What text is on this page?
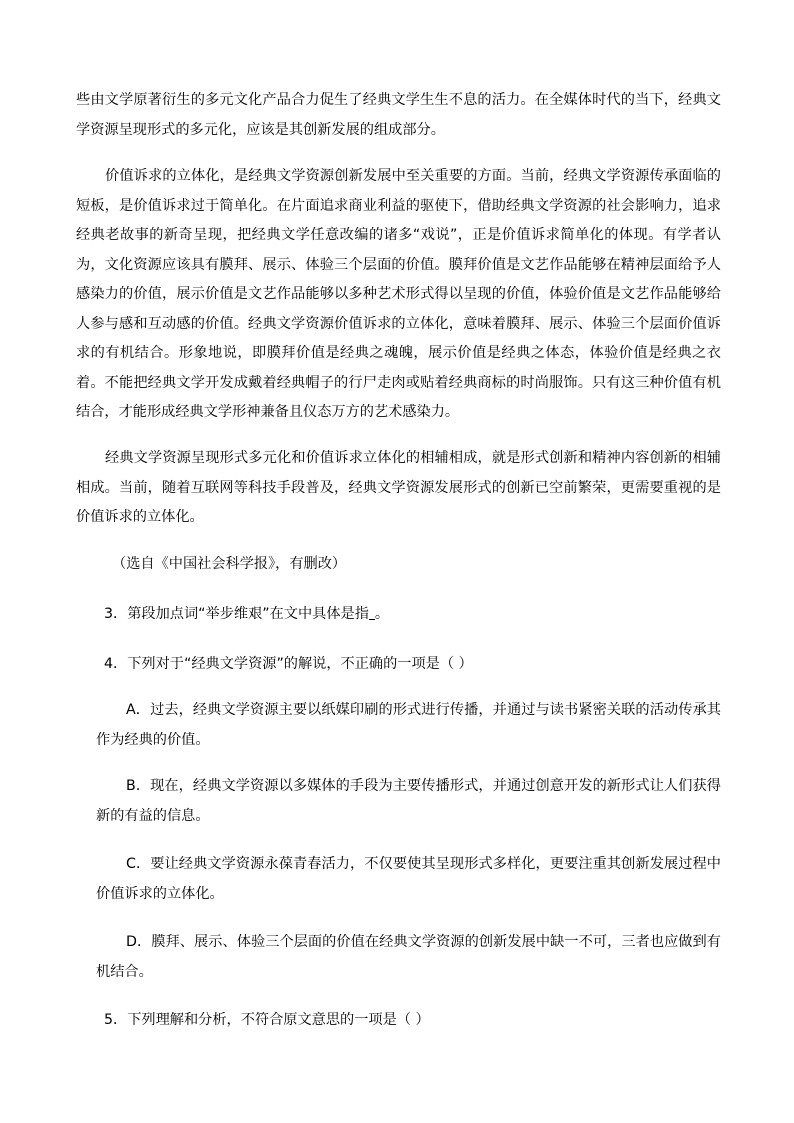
些由文学原著衍生的多元文化产品合力促生了经典文学生生不息的活力。在全媒体时代的当下，经典文学资源呈现形式的多元化，应该是其创新发展的组成部分。

价值诉求的立体化，是经典文学资源创新发展中至关重要的方面。当前，经典文学资源传承面临的短板，是价值诉求过于简单化。在片面追求商业利益的驱使下，借助经典文学资源的社会影响力，追求经典老故事的新奇呈现，把经典文学任意改编的诸多“戏说”，正是价值诉求简单化的体现。有学者认为，文化资源应该具有膜拜、展示、体验三个层面的价值。膜拜价值是文艺作品能够在精神层面给予人感染力的价值，展示价值是文艺作品能够以多种艺术形式得以呈现的价值，体验价值是文艺作品能够给人参与感和互动感的价值。经典文学资源价值诉求的立体化，意味着膜拜、展示、体验三个层面价值诉求的有机结合。形象地说，即膜拜价值是经典之魂魄，展示价值是经典之体态，体验价值是经典之衣着。不能把经典文学开发成戴着经典帽子的行尸走肉或贴着经典商标的时尚服饰。只有这三种价值有机结合，才能形成经典文学形神兼备且仪态万方的艺术感染力。

经典文学资源呈现形式多元化和价值诉求立体化的相辅相成，就是形式创新和精神内容创新的相辅相成。当前，随着互联网等科技手段普及，经典文学资源发展形式的创新已空前繁荣，更需要重视的是价值诉求的立体化。

（选自《中国社会科学报》，有删改）

3．第段加点词“举步维艰”在文中具体是指 。

4．下列对于“经典文学资源”的解说，不正确的一项是（ ）

A．过去，经典文学资源主要以纸媒印刷的形式进行传播，并通过与读书紧密关联的活动传承其作为经典的价值。

B．现在，经典文学资源以多媒体的手段为主要传播形式，并通过创意开发的新形式让人们获得新的有益的信息。

C．要让经典文学资源永葆青春活力，不仅要使其呈现形式多样化，更要注重其创新发展过程中价值诉求的立体化。

D．膜拜、展示、体验三个层面的价值在经典文学资源的创新发展中缺一不可，三者也应做到有机结合。

5．下列理解和分析，不符合原文意思的一项是（ ）
